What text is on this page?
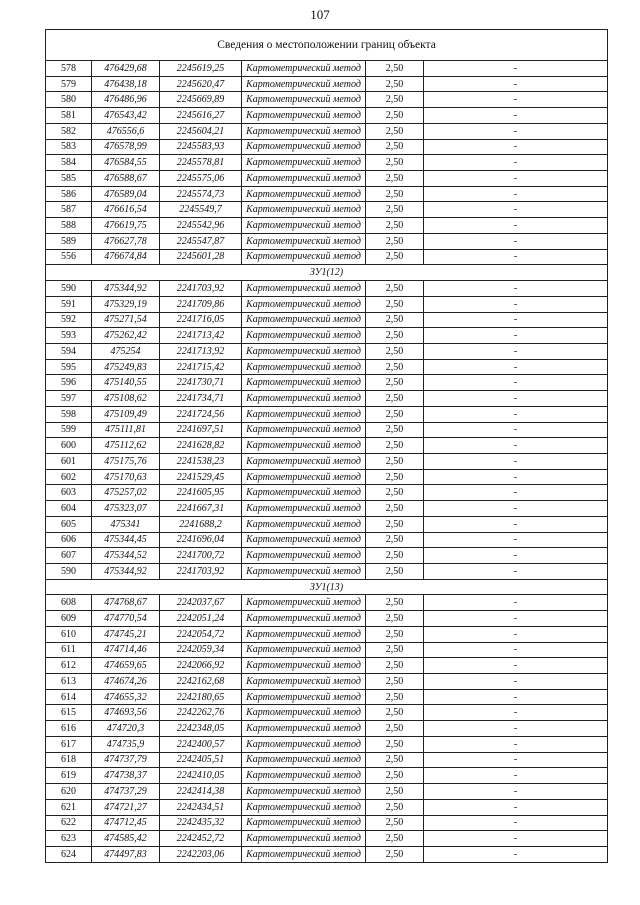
107
Сведения о местоположении границ объекта					
578	476429,68	2245619,25	Картометрический метод	2,50	-
579	476438,18	2245620,47	Картометрический метод	2,50	-
580	476486,96	2245669,89	Картометрический метод	2,50	-
581	476543,42	2245616,27	Картометрический метод	2,50	-
582	476556,6	2245604,21	Картометрический метод	2,50	-
583	476578,99	2245583,93	Картометрический метод	2,50	-
584	476584,55	2245578,81	Картометрический метод	2,50	-
585	476588,67	2245575,06	Картометрический метод	2,50	-
586	476589,04	2245574,73	Картометрический метод	2,50	-
587	476616,54	2245549,7	Картометрический метод	2,50	-
588	476619,75	2245542,96	Картометрический метод	2,50	-
589	476627,78	2245547,87	Картометрический метод	2,50	-
556	476674,84	2245601,28	Картометрический метод	2,50	-
ЗУ1(12)					
590	475344,92	2241703,92	Картометрический метод	2,50	-
591	475329,19	2241709,86	Картометрический метод	2,50	-
592	475271,54	2241716,05	Картометрический метод	2,50	-
593	475262,42	2241713,42	Картометрический метод	2,50	-
594	475254	2241713,92	Картометрический метод	2,50	-
595	475249,83	2241715,42	Картометрический метод	2,50	-
596	475140,55	2241730,71	Картометрический метод	2,50	-
597	475108,62	2241734,71	Картометрический метод	2,50	-
598	475109,49	2241724,56	Картометрический метод	2,50	-
599	475111,81	2241697,51	Картометрический метод	2,50	-
600	475112,62	2241628,82	Картометрический метод	2,50	-
601	475175,76	2241538,23	Картометрический метод	2,50	-
602	475170,63	2241529,45	Картометрический метод	2,50	-
603	475257,02	2241605,95	Картометрический метод	2,50	-
604	475323,07	2241667,31	Картометрический метод	2,50	-
605	475341	2241688,2	Картометрический метод	2,50	-
606	475344,45	2241696,04	Картометрический метод	2,50	-
607	475344,52	2241700,72	Картометрический метод	2,50	-
590	475344,92	2241703,92	Картометрический метод	2,50	-
ЗУ1(13)					
608	474768,67	2242037,67	Картометрический метод	2,50	-
609	474770,54	2242051,24	Картометрический метод	2,50	-
610	474745,21	2242054,72	Картометрический метод	2,50	-
611	474714,46	2242059,34	Картометрический метод	2,50	-
612	474659,65	2242066,92	Картометрический метод	2,50	-
613	474674,26	2242162,68	Картометрический метод	2,50	-
614	474655,32	2242180,65	Картометрический метод	2,50	-
615	474693,56	2242262,76	Картометрический метод	2,50	-
616	474720,3	2242348,05	Картометрический метод	2,50	-
617	474735,9	2242400,57	Картометрический метод	2,50	-
618	474737,79	2242405,51	Картометрический метод	2,50	-
619	474738,37	2242410,05	Картометрический метод	2,50	-
620	474737,29	2242414,38	Картометрический метод	2,50	-
621	474721,27	2242434,51	Картометрический метод	2,50	-
622	474712,45	2242435,32	Картометрический метод	2,50	-
623	474585,42	2242452,72	Картометрический метод	2,50	-
624	474497,83	2242203,06	Картометрический метод	2,50	-
